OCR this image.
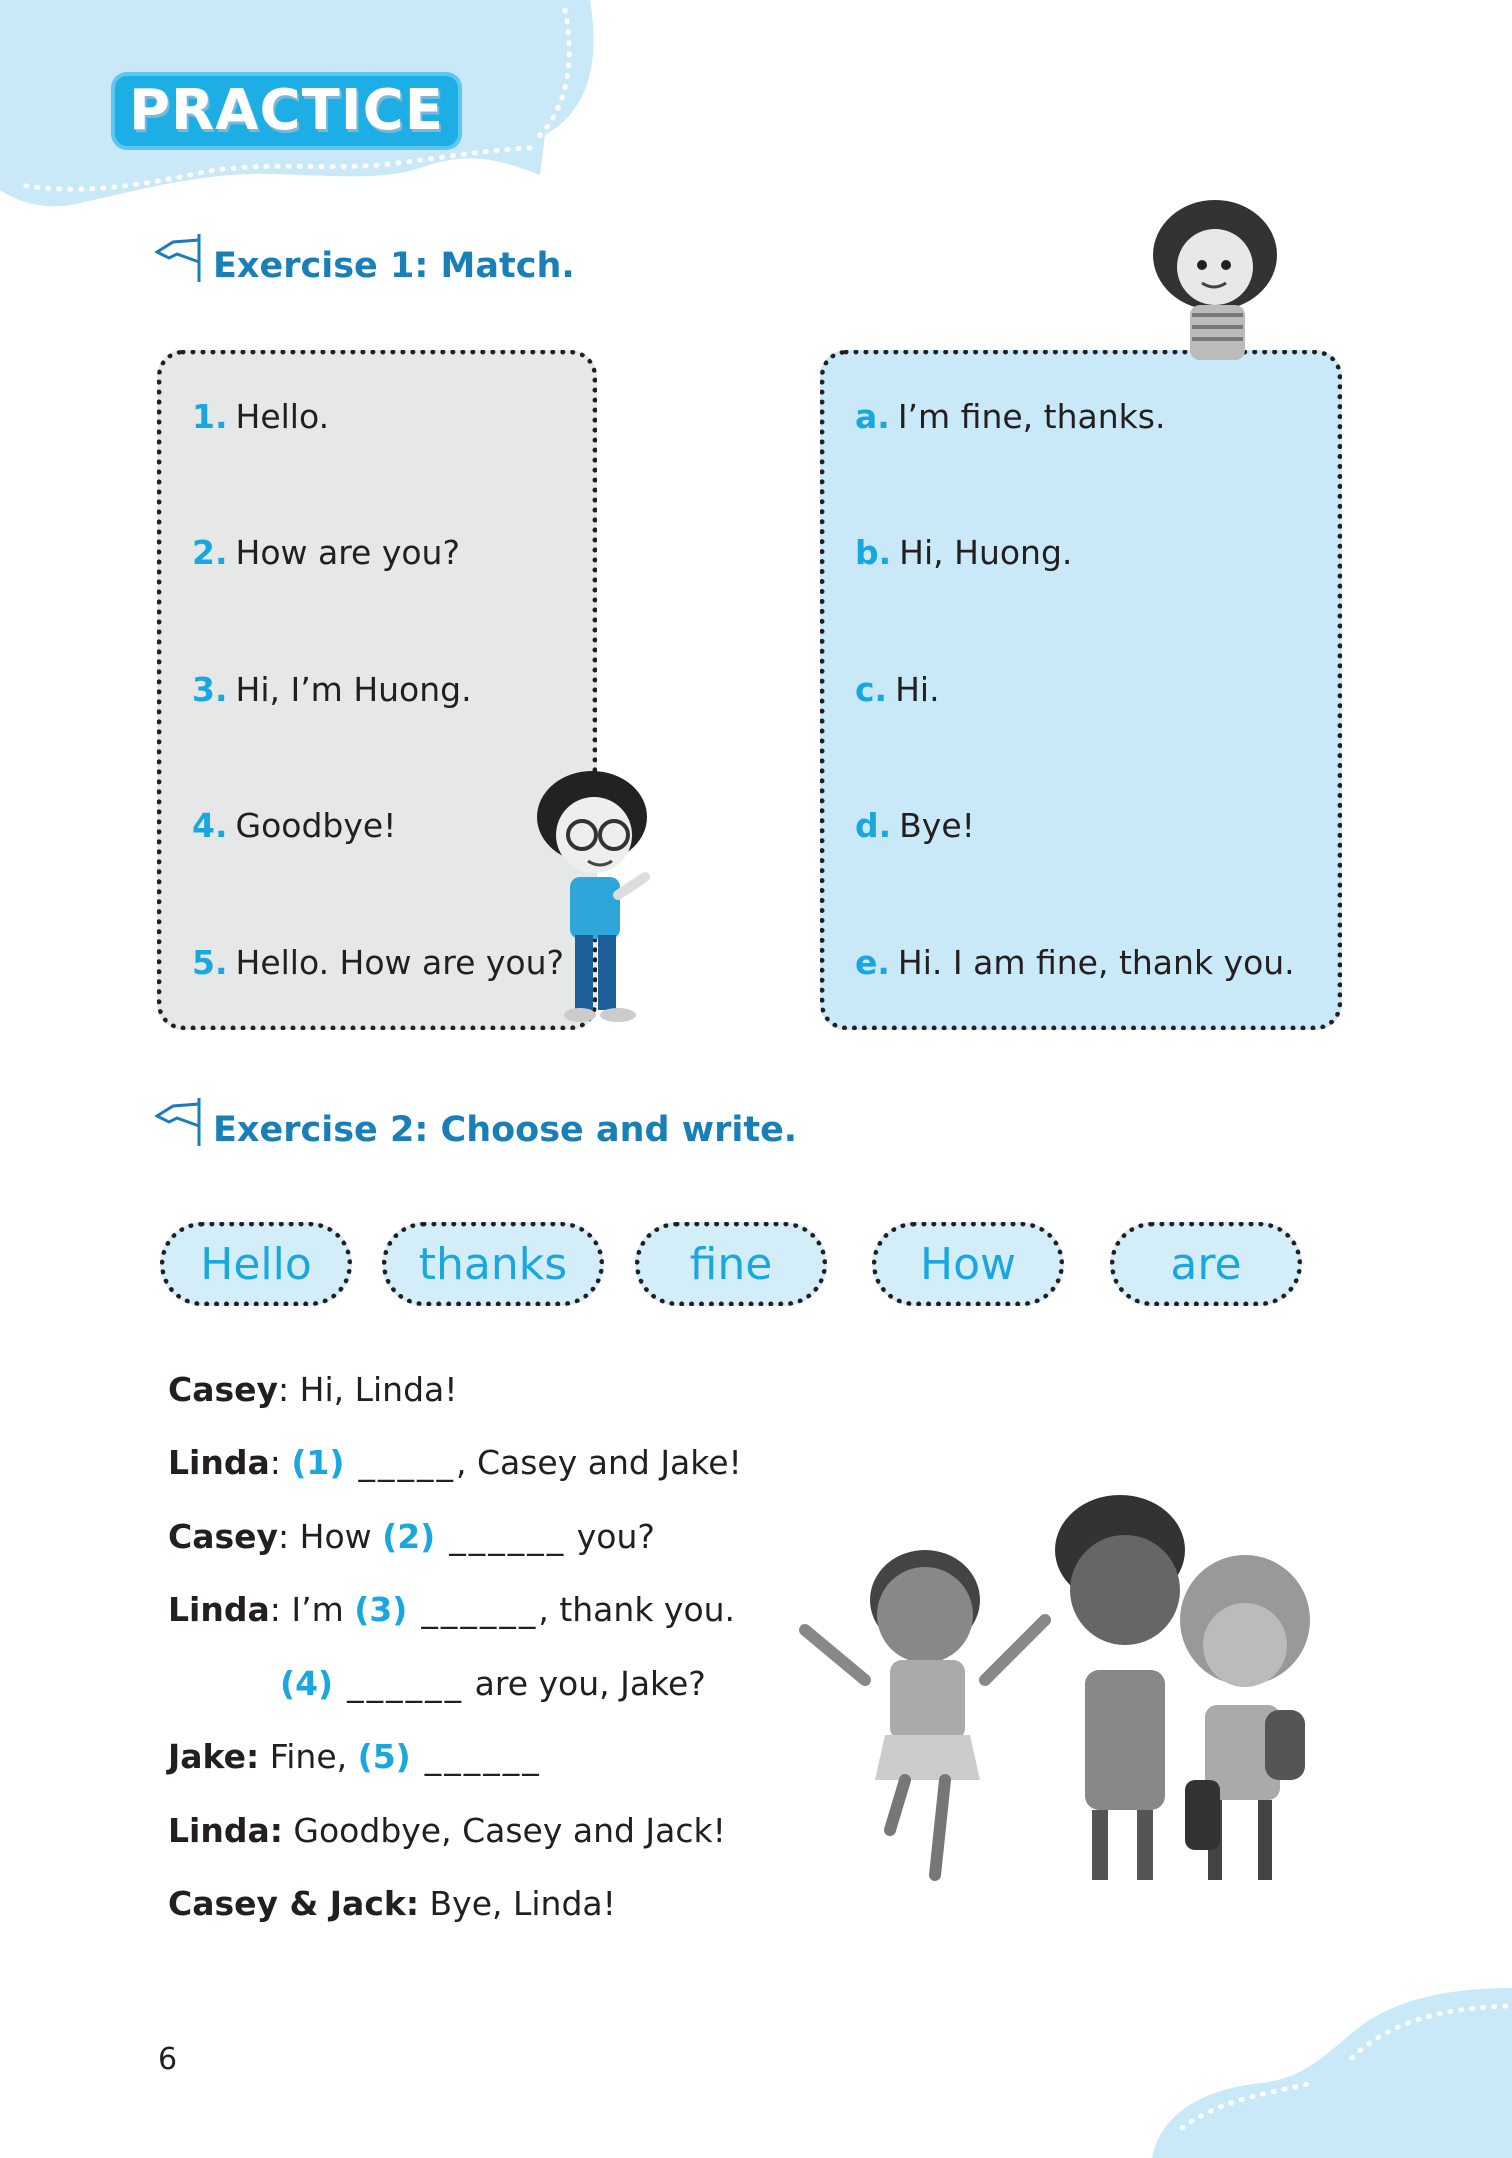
PRACTICE
Exercise 1: Match.
1. Hello.
2. How are you?
3. Hi, I’m Huong.
4. Goodbye!
5. Hello. How are you?
a. I’m fine, thanks.
b. Hi, Huong.
c. Hi.
d. Bye!
e. Hi. I am fine, thank you.
Exercise 2: Choose and write.
Hello	thanks	fine	How	are
Casey: Hi, Linda!
Linda: (1) _____, Casey and Jake!
Casey: How (2) ______ you?
Linda: I’m (3) ______, thank you.
(4) ______ are you, Jake?
Jake: Fine, (5) ______
Linda: Goodbye, Casey and Jack!
Casey & Jack: Bye, Linda!
6
